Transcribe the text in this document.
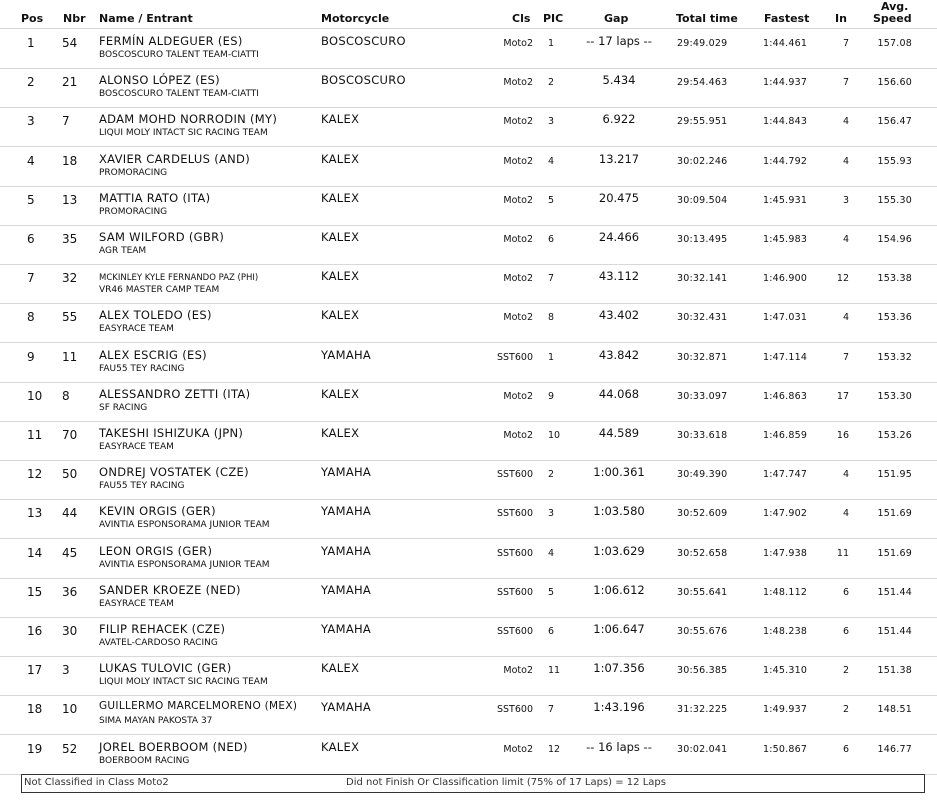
Pos Nbr Name / Entrant	Motorcycle	Cls PIC	Gap	Total time Fastest In
Avg.
Speed
1 54 FERMÍN ALDEGUER (ES)
BOSCOSCURO TALENT TEAM-CIATTI
BOSCOSCURO	Moto2 1	-- 17 laps --	29:49.029	1:44.461	7	157.08
2 21 ALONSO LÓPEZ (ES)
BOSCOSCURO TALENT TEAM-CIATTI
BOSCOSCURO	Moto2 2	5.434	29:54.463	1:44.937	7	156.60
3 7	ADAM MOHD NORRODIN (MY)
LIQUI MOLY INTACT SIC RACING TEAM
KALEX	Moto2 3	6.922	29:55.951	1:44.843	4	156.47
4 18 XAVIER CARDELUS (AND)
PROMORACING
KALEX	Moto2 4	13.217	30:02.246	1:44.792	4	155.93
5 13 MATTIA RATO (ITA)
PROMORACING
KALEX	Moto2 5	20.475	30:09.504	1:45.931	3	155.30
6 35 SAM WILFORD (GBR)
AGR TEAM
KALEX	Moto2 6	24.466	30:13.495	1:45.983	4	154.96
7 32	MCKINLEY KYLE FERNANDO PAZ (PHI)
VR46 MASTER CAMP TEAM
KALEX	Moto2 7	43.112	30:32.141	1:46.900	12	153.38
8 55 ALEX TOLEDO (ES)
EASYRACE TEAM
KALEX	Moto2 8	43.402	30:32.431	1:47.031	4	153.36
9 11 ALEX ESCRIG (ES)
FAU55 TEY RACING
YAMAHA	SST600 1	43.842	30:32.871	1:47.114	7	153.32
10 8	ALESSANDRO ZETTI (ITA)
SF RACING
KALEX	Moto2 9	44.068	30:33.097	1:46.863	17	153.30
11 70 TAKESHI ISHIZUKA (JPN)
EASYRACE TEAM
KALEX	Moto2 10	44.589	30:33.618	1:46.859	16	153.26
12 50 ONDREJ VOSTATEK (CZE)
FAU55 TEY RACING
YAMAHA	SST600 2	1:00.361	30:49.390	1:47.747	4	151.95
13 44 KEVIN ORGIS (GER)
AVINTIA ESPONSORAMA JUNIOR TEAM
YAMAHA	SST600 3	1:03.580	30:52.609	1:47.902	4	151.69
14 45 LEON ORGIS (GER)
AVINTIA ESPONSORAMA JUNIOR TEAM
YAMAHA	SST600 4	1:03.629	30:52.658	1:47.938	11	151.69
15 36 SANDER KROEZE (NED)
EASYRACE TEAM
YAMAHA	SST600 5	1:06.612	30:55.641	1:48.112	6	151.44
16 30 FILIP REHACEK (CZE)
AVATEL-CARDOSO RACING
YAMAHA	SST600 6	1:06.647	30:55.676	1:48.238	6	151.44
17 3	LUKAS TULOVIC (GER)
LIQUI MOLY INTACT SIC RACING TEAM
KALEX	Moto2 11	1:07.356	30:56.385	1:45.310	2	151.38
18 10 GUILLERMO MARCELMORENO (MEX)
SIMA MAYAN PAKOSTA 37
YAMAHA	SST600 7	1:43.196	31:32.225	1:49.937	2	148.51
19 52 JOREL BOERBOOM (NED)
BOERBOOM RACING
KALEX	Moto2 12	-- 16 laps --	30:02.041	1:50.867	6	146.77
Not Classified in Class Moto2	Did not Finish Or Classification limit (75% of 17 Laps) = 12 Laps
